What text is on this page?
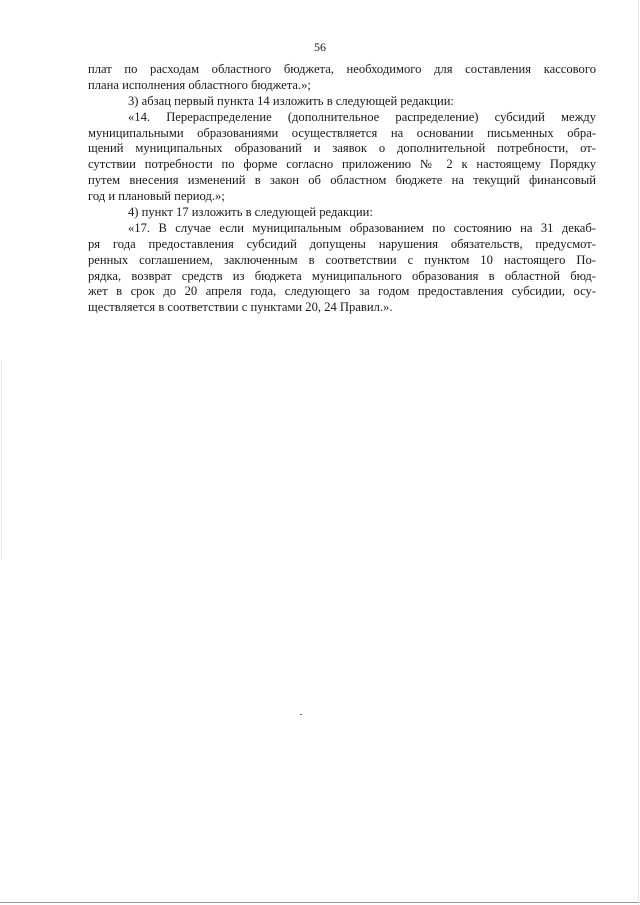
56
плат по расходам областного бюджета, необходимого для составления кассового
плана исполнения областного бюджета.»;
3) абзац первый пункта 14 изложить в следующей редакции:
«14. Перераспределение (дополнительное распределение) субсидий между
муниципальными образованиями осуществляется на основании письменных обра-
щений муниципальных образований и заявок о дополнительной потребности, от-
сутствии потребности по форме согласно приложению № 2 к настоящему Порядку
путем внесения изменений в закон об областном бюджете на текущий финансовый
год и плановый период.»;
4) пункт 17 изложить в следующей редакции:
«17. В случае если муниципальным образованием по состоянию на 31 декаб-
ря года предоставления субсидий допущены нарушения обязательств, предусмот-
ренных соглашением, заключенным в соответствии с пунктом 10 настоящего По-
рядка, возврат средств из бюджета муниципального образования в областной бюд-
жет в срок до 20 апреля года, следующего за годом предоставления субсидии, осу-
ществляется в соответствии с пунктами 20, 24 Правил.».
